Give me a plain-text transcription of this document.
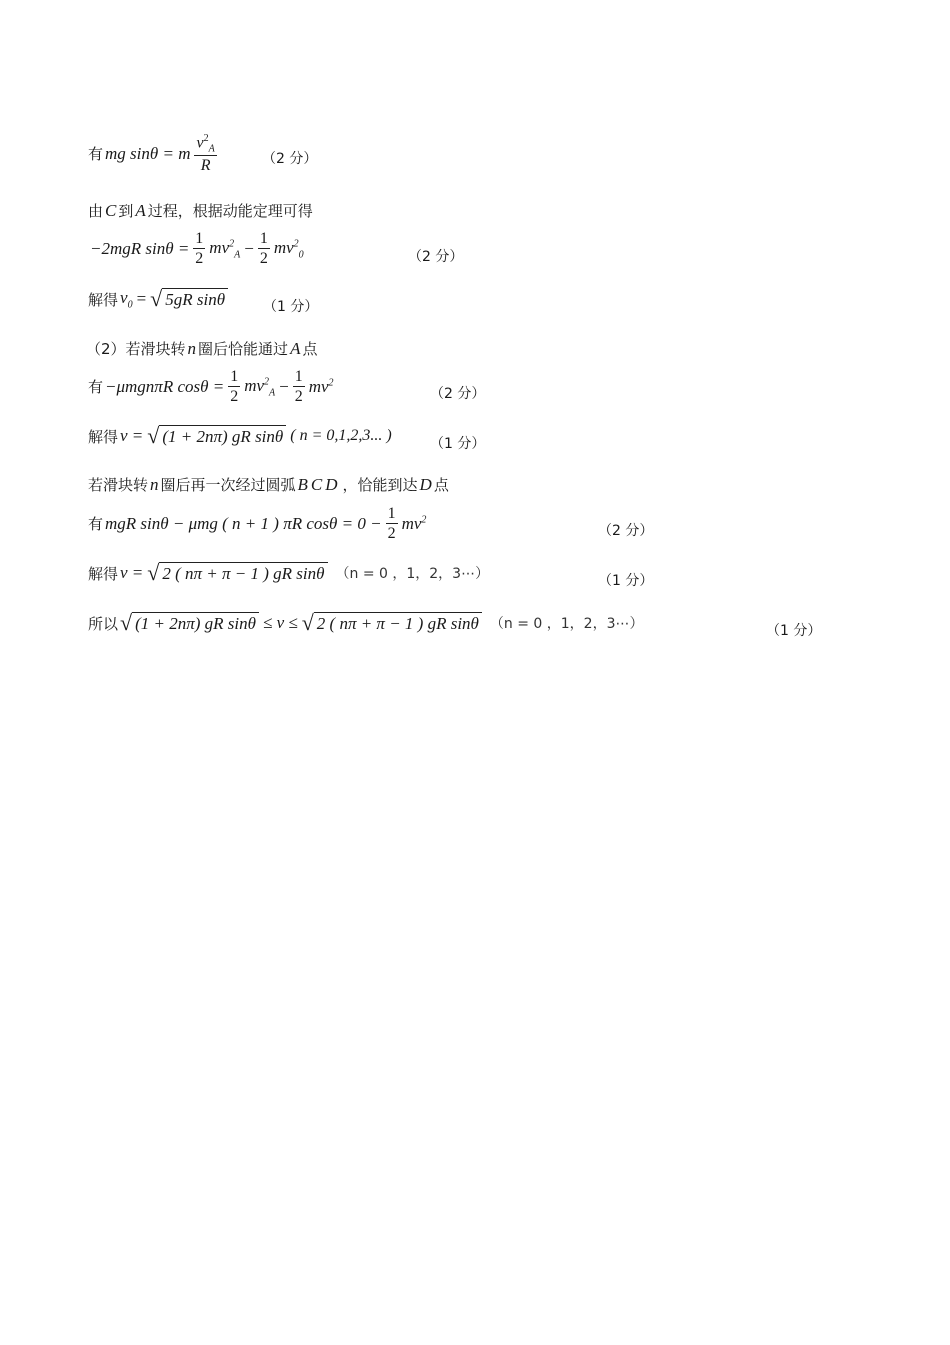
有 mg sinθ = m $\frac{v^2_A}{R}$	（2 分）
由 C 到 A 过程，根据动能定理可得
−2mgR $\sin\theta = \frac{1}{2} mv^2_A - \frac{1}{2} mv^2_0$	（2 分）
解得 $v_0$ = √ 5gR sinθ	（1 分）
（2）若滑块转 n 圈后恰能通过 A 点
有 −μmgnπR $\cos\theta = \frac{1}{2} mv^2_A - \frac{1}{2} mv^2$
（2 分）
解得 v = √ (1 + 2nπ) gR sinθ ( n = 0,1,2,3... )	（1 分）
若滑块转 n 圈后再一次经过圆弧 BCD ，恰能到达 D 点
有 mgR sinθ − μmg ( n + 1 ) πR $\cos\theta = 0 - \frac{1}{2} mv^2$
（2 分）
解得 v = √ 2 ( nπ + π − 1 ) gR sinθ （n = 0 ，1，2，3⋯）	（1 分）
所以 √ (1 + 2nπ) gR sinθ ≤ v ≤ √ 2 ( nπ + π − 1 ) gR sinθ （n = 0 ，1，2，3⋯）	（1 分）
